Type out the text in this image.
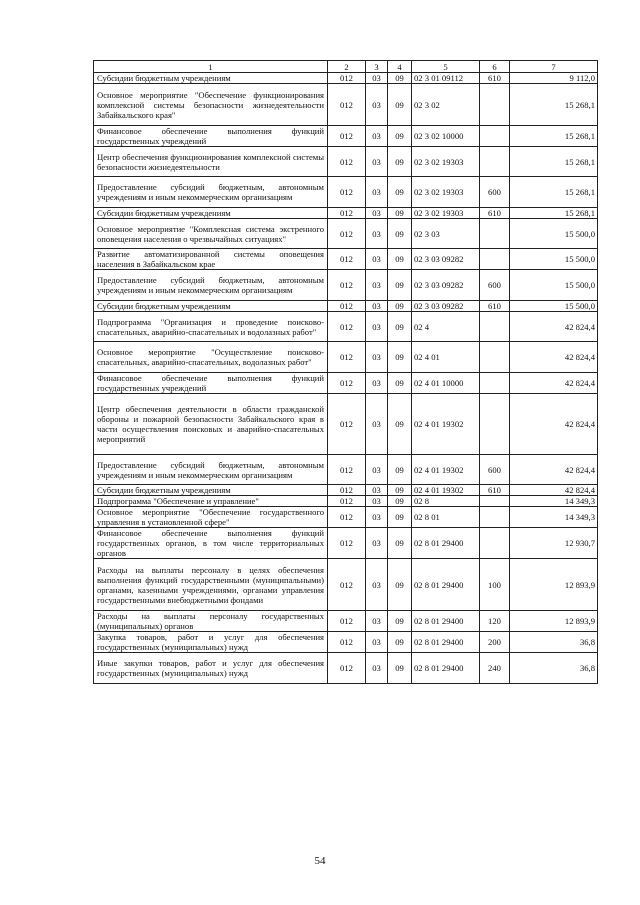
1	2	3	4	5	6	7
Субсидии бюджетным учреждениям	012	03	09	02 3 01 09112	610	9 112,0
Основное мероприятие "Обеспечение функционирования комплексной системы безопасности жизнедеятельности Забайкальского края"	012	03	09	02 3 02		15 268,1
Финансовое обеспечение выполнения функций государственных учреждений	012	03	09	02 3 02 10000		15 268,1
Центр обеспечения функционирования комплексной системы безопасности жизнедеятельности	012	03	09	02 3 02 19303		15 268,1
Предоставление субсидий бюджетным, автономным учреждениям и иным некоммерческим организациям	012	03	09	02 3 02 19303	600	15 268,1
Субсидии бюджетным учреждениям	012	03	09	02 3 02 19303	610	15 268,1
Основное мероприятие "Комплексная система экстренного оповещения населения о чрезвычайных ситуациях"	012	03	09	02 3 03		15 500,0
Развитие автоматизированной системы оповещения населения в Забайкальском крае	012	03	09	02 3 03 09282		15 500,0
Предоставление субсидий бюджетным, автономным учреждениям и иным некоммерческим организациям	012	03	09	02 3 03 09282	600	15 500,0
Субсидии бюджетным учреждениям	012	03	09	02 3 03 09282	610	15 500,0
Подпрограмма "Организация и проведение поисково-спасательных, аварийно-спасательных и водолазных работ"	012	03	09	02 4		42 824,4
Основное мероприятие "Осуществление поисково-спасательных, аварийно-спасательных, водолазных работ"	012	03	09	02 4 01		42 824,4
Финансовое обеспечение выполнения функций государственных учреждений	012	03	09	02 4 01 10000		42 824,4
Центр обеспечения деятельности в области гражданской обороны и пожарной безопасности Забайкальского края в части осуществления поисковых и аварийно-спасательных мероприятий	012	03	09	02 4 01 19302		42 824,4
Предоставление субсидий бюджетным, автономным учреждениям и иным некоммерческим организациям	012	03	09	02 4 01 19302	600	42 824,4
Субсидии бюджетным учреждениям	012	03	09	02 4 01 19302	610	42 824,4
Подпрограмма "Обеспечение и управление"	012	03	09	02 8		14 349,3
Основное мероприятие "Обеспечение государственного управления в установленной сфере"	012	03	09	02 8 01		14 349,3
Финансовое обеспечение выполнения функций государственных органов, в том числе территориальных органов	012	03	09	02 8 01 29400		12 930,7
Расходы на выплаты персоналу в целях обеспечения выполнения функций государственными (муниципальными) органами, казенными учреждениями, органами управления государственными внебюджетными фондами	012	03	09	02 8 01 29400	100	12 893,9
Расходы на выплаты персоналу государственных (муниципальных) органов	012	03	09	02 8 01 29400	120	12 893,9
Закупка товаров, работ и услуг для обеспечения государственных (муниципальных) нужд	012	03	09	02 8 01 29400	200	36,8
Иные закупки товаров, работ и услуг для обеспечения государственных (муниципальных) нужд	012	03	09	02 8 01 29400	240	36,8
54
